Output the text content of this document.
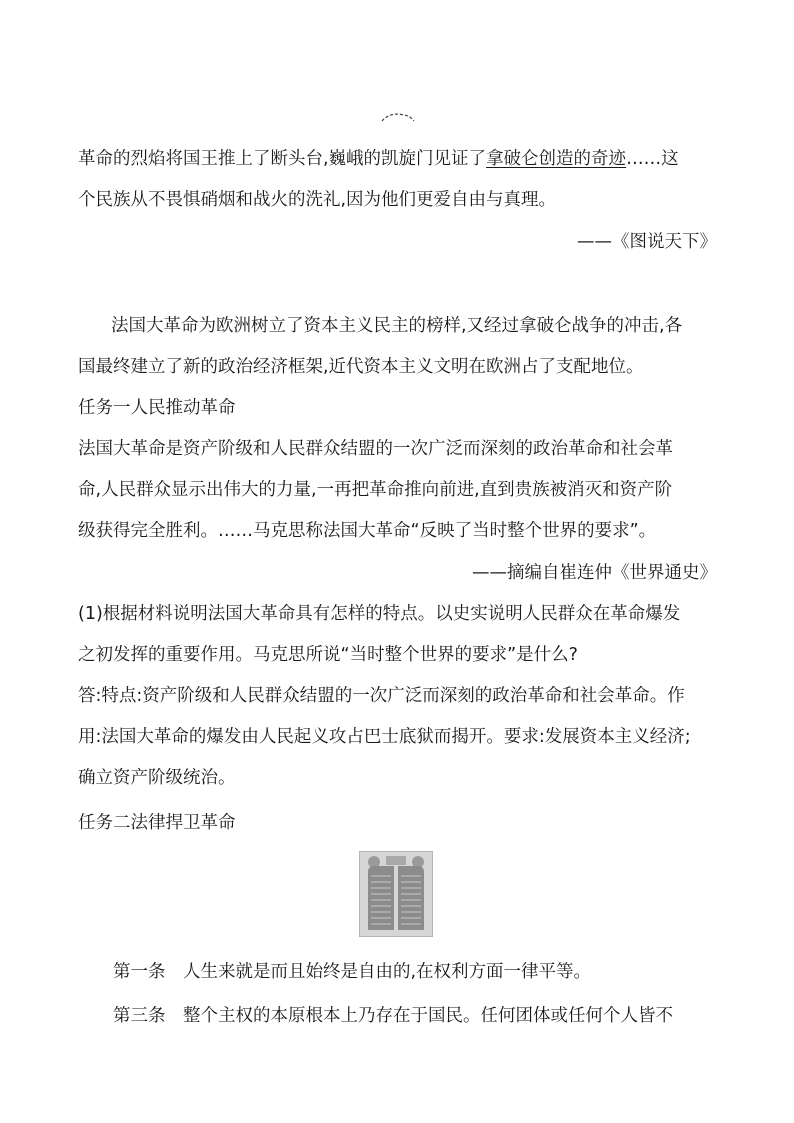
革命的烈焰将国王推上了断头台,巍峨的凯旋门见证了拿破仑创造的奇迹……这
个民族从不畏惧硝烟和战火的洗礼,因为他们更爱自由与真理。
——《图说天下》
法国大革命为欧洲树立了资本主义民主的榜样,又经过拿破仑战争的冲击,各
国最终建立了新的政治经济框架,近代资本主义文明在欧洲占了支配地位。
任务一人民推动革命
法国大革命是资产阶级和人民群众结盟的一次广泛而深刻的政治革命和社会革
命,人民群众显示出伟大的力量,一再把革命推向前进,直到贵族被消灭和资产阶
级获得完全胜利。……马克思称法国大革命“反映了当时整个世界的要求”。
——摘编自崔连仲《世界通史》
(1)根据材料说明法国大革命具有怎样的特点。以史实说明人民群众在革命爆发
之初发挥的重要作用。马克思所说“当时整个世界的要求”是什么?
答:特点:资产阶级和人民群众结盟的一次广泛而深刻的政治革命和社会革命。作
用:法国大革命的爆发由人民起义攻占巴士底狱而揭开。要求:发展资本主义经济;
确立资产阶级统治。
任务二法律捍卫革命
第一条　人生来就是而且始终是自由的,在权利方面一律平等。
第三条　整个主权的本原根本上乃存在于国民。任何团体或任何个人皆不
